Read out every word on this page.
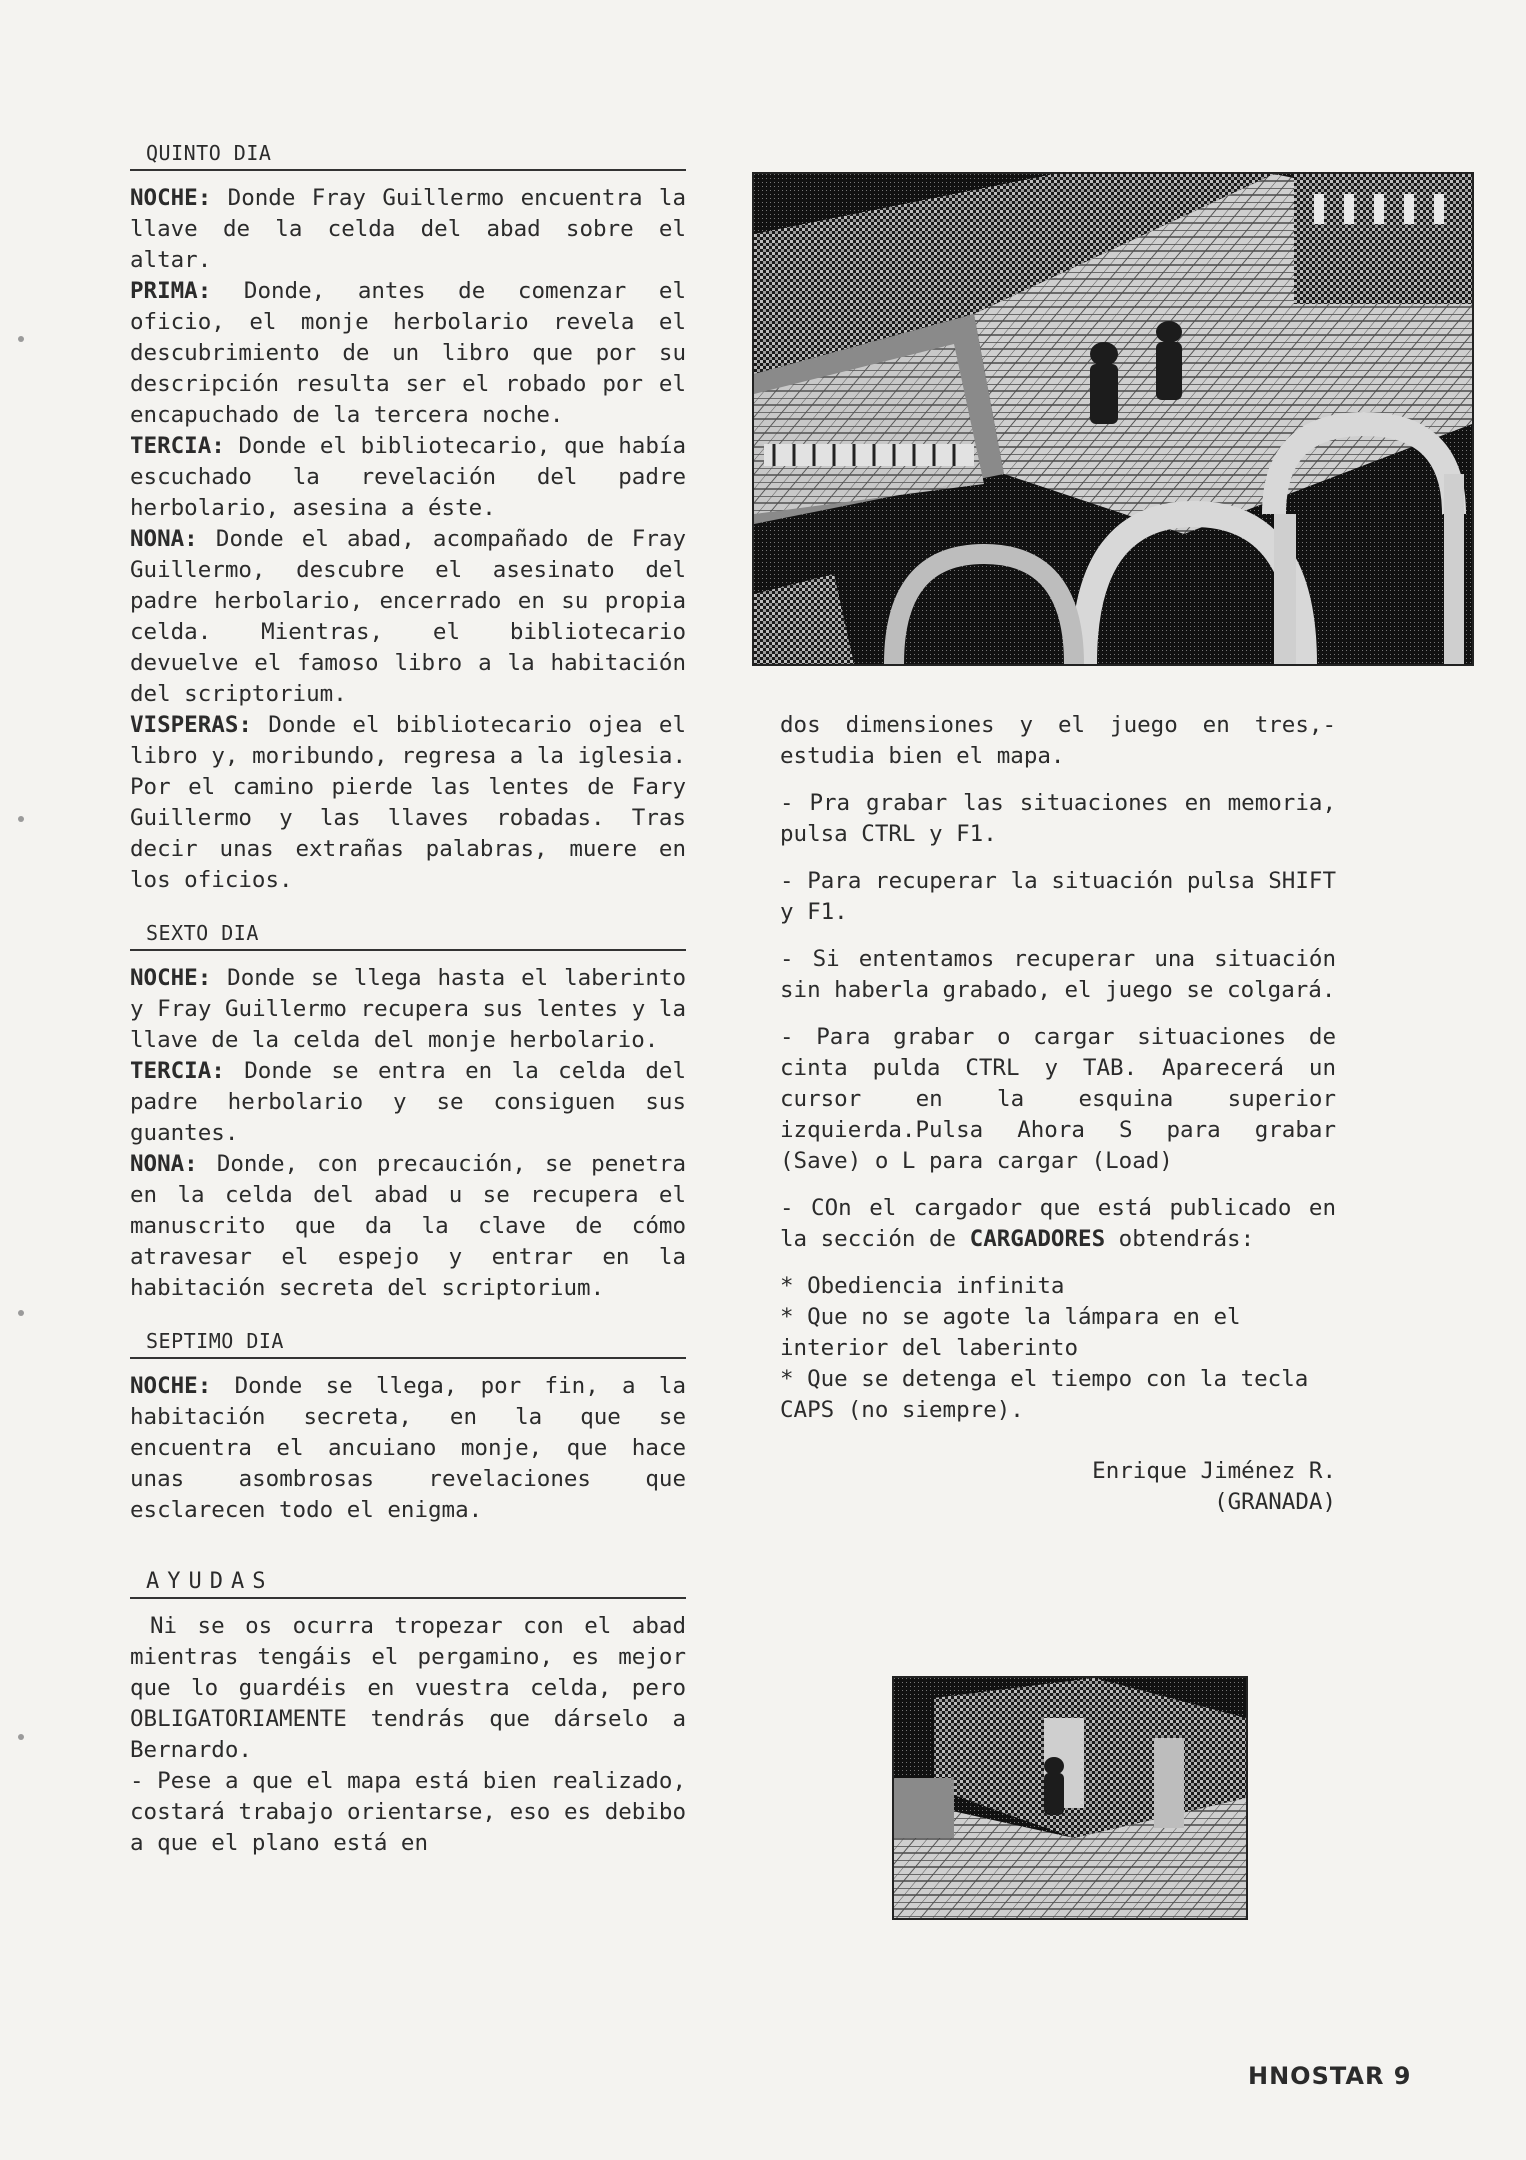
QUINTO DIA

NOCHE: Donde Fray Guillermo encuentra la llave de la celda del abad sobre el altar.

PRIMA: Donde, antes de comenzar el oficio, el monje herbolario revela el descubrimiento de un libro que por su descripción resulta ser el robado por el encapuchado de la tercera noche.

TERCIA: Donde el bibliotecario, que había escuchado la revelación del padre herbolario, asesina a éste.

NONA: Donde el abad, acompañado de Fray Guillermo, descubre el asesinato del padre herbolario, encerrado en su propia celda. Mientras, el bibliotecario devuelve el famoso libro a la habitación del scriptorium.

VISPERAS: Donde el bibliotecario ojea el libro y, moribundo, regresa a la iglesia. Por el camino pierde las lentes de Fary Guillermo y las llaves robadas. Tras decir unas extrañas palabras, muere en los oficios.

SEXTO DIA

NOCHE: Donde se llega hasta el laberinto y Fray Guillermo recupera sus lentes y la llave de la celda del monje herbolario.

TERCIA: Donde se entra en la celda del padre herbolario y se consiguen sus guantes.

NONA: Donde, con precaución, se penetra en la celda del abad u se recupera el manuscrito que da la clave de cómo atravesar el espejo y entrar en la habitación secreta del scriptorium.

SEPTIMO DIA

NOCHE: Donde se llega, por fin, a la habitación secreta, en la que se encuentra el ancuiano monje, que hace unas asombrosas revelaciones que esclarecen todo el enigma.

AYUDAS

Ni se os ocurra tropezar con el abad mientras tengáis el pergamino, es mejor que lo guardéis en vuestra celda, pero OBLIGATORIAMENTE tendrás que dárselo a Bernardo.

- Pese a que el mapa está bien realizado, costará trabajo orientarse, eso es debibo a que el plano está en

dos dimensiones y el juego en tres,-estudia bien el mapa.

- Pra grabar las situaciones en memoria, pulsa CTRL y F1.

- Para recuperar la situación pulsa SHIFT y F1.

- Si ententamos recuperar una situación sin haberla grabado, el juego se colgará.

- Para grabar o cargar situaciones de cinta pulda CTRL y TAB. Aparecerá un cursor en la esquina superior izquierda.Pulsa Ahora S para grabar (Save) o L para cargar (Load)

- COn el cargador que está publicado en la sección de CARGADORES obtendrás:

* Obediencia infinita

* Que no se agote la lámpara en el interior del laberinto

* Que se detenga el tiempo con la tecla CAPS (no siempre).

Enrique Jiménez R.
(GRANADA)
HNOSTAR 9
